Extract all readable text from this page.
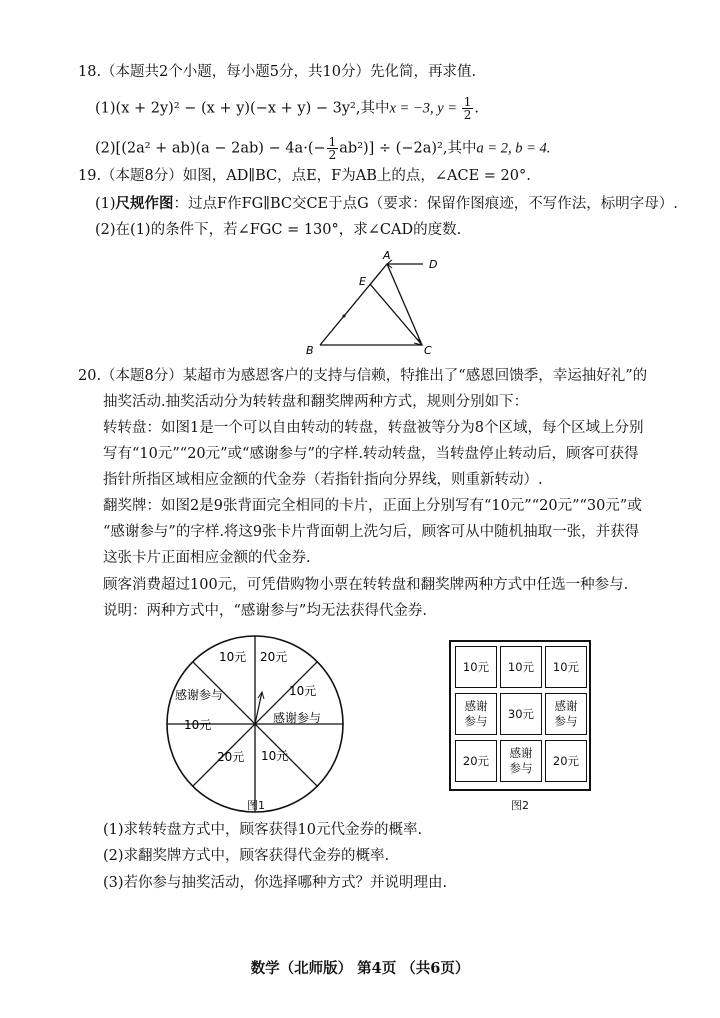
18.（本题共2个小题，每小题5分，共10分）先化简，再求值.
(1)(x + 2y)² − (x + y)(−x + y) − 3y²,其中x = −3, $y = \frac{1}{2}$ .
$(2)[(2a^2 + ab)(a - 2ab) - 4a\cdot(- \frac{1}{2} ab^2)] \div (-2a)^2$,其中a = 2, b = 4.
19.（本题8分）如图，AD∥BC，点E，F为AB上的点，∠ACE = 20°.
(1)尺规作图：过点F作FG∥BC交CE于点G（要求：保留作图痕迹，不写作法，标明字母）.
(2)在(1)的条件下，若∠FGC = 130°，求∠CAD的度数.
A
B	C
D
E
20.（本题8分）某超市为感恩客户的支持与信赖，特推出了“感恩回馈季，幸运抽好礼”的
抽奖活动.抽奖活动分为转转盘和翻奖牌两种方式，规则分别如下：
转转盘：如图1是一个可以自由转动的转盘，转盘被等分为8个区域，每个区域上分别
写有“10元”“20元”或“感谢参与”的字样.转动转盘，当转盘停止转动后，顾客可获得
指针所指区域相应金额的代金券（若指针指向分界线，则重新转动）.
翻奖牌：如图2是9张背面完全相同的卡片，正面上分别写有“10元”“20元”“30元”或
“感谢参与”的字样.将这9张卡片背面朝上洗匀后，顾客可从中随机抽取一张，并获得
这张卡片正面相应金额的代金券.
顾客消费超过100元，可凭借购物小票在转转盘和翻奖牌两种方式中任选一种参与.
说明：两种方式中，“感谢参与”均无法获得代金券.
10元 20元
10元
感谢参与
10元
20元
10元
感谢参与
图1
10元 10元 10元
感谢
参与
30元
感谢
参与
20元
感谢
参与
20元
图2
(1)求转转盘方式中，顾客获得10元代金券的概率.
(2)求翻奖牌方式中，顾客获得代金券的概率.
(3)若你参与抽奖活动，你选择哪种方式？并说明理由.
数学（北师版） 第4页 （共6页）
